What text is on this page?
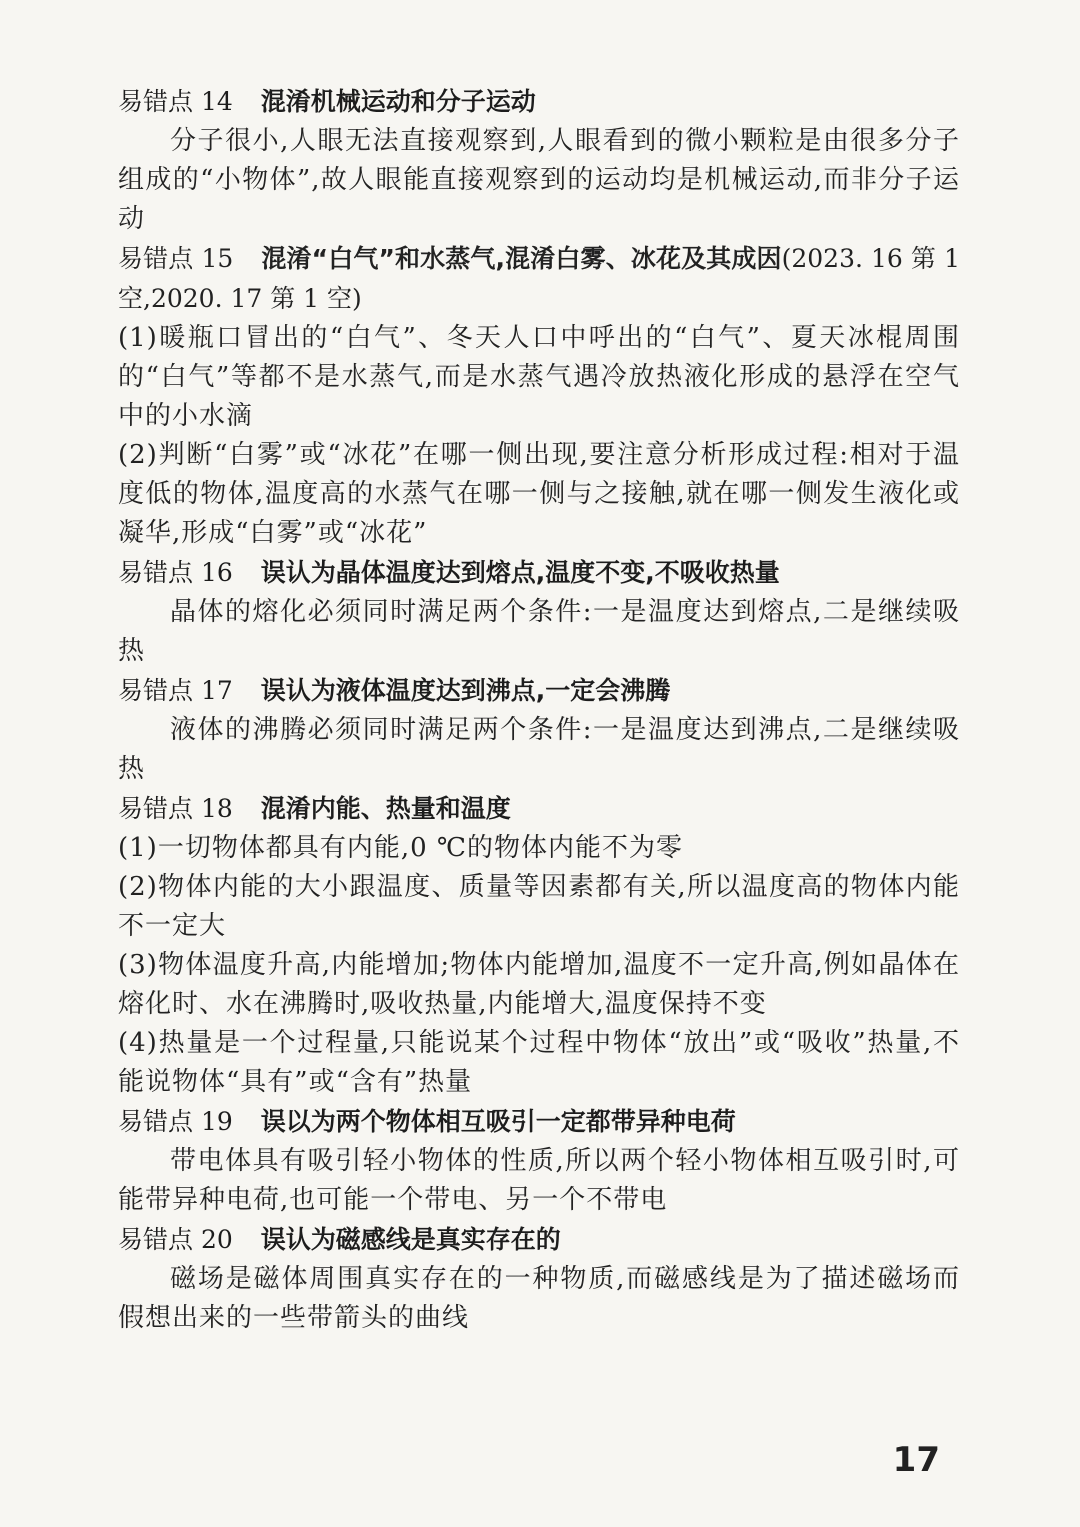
易错点 14 混淆机械运动和分子运动

分子很小,人眼无法直接观察到,人眼看到的微小颗粒是由很多分子组成的“小物体”,故人眼能直接观察到的运动均是机械运动,而非分子运动

易错点 15 混淆“白气”和水蒸气,混淆白雾、冰花及其成因(2023. 16 第 1 空,2020. 17 第 1 空)

(1)暖瓶口冒出的“白气”、冬天人口中呼出的“白气”、夏天冰棍周围的“白气”等都不是水蒸气,而是水蒸气遇冷放热液化形成的悬浮在空气中的小水滴

(2)判断“白雾”或“冰花”在哪一侧出现,要注意分析形成过程:相对于温度低的物体,温度高的水蒸气在哪一侧与之接触,就在哪一侧发生液化或凝华,形成“白雾”或“冰花”

易错点 16 误认为晶体温度达到熔点,温度不变,不吸收热量

晶体的熔化必须同时满足两个条件:一是温度达到熔点,二是继续吸热

易错点 17 误认为液体温度达到沸点,一定会沸腾

液体的沸腾必须同时满足两个条件:一是温度达到沸点,二是继续吸热

易错点 18 混淆内能、热量和温度

(1)一切物体都具有内能,0 ℃的物体内能不为零

(2)物体内能的大小跟温度、质量等因素都有关,所以温度高的物体内能不一定大

(3)物体温度升高,内能增加;物体内能增加,温度不一定升高,例如晶体在熔化时、水在沸腾时,吸收热量,内能增大,温度保持不变

(4)热量是一个过程量,只能说某个过程中物体“放出”或“吸收”热量,不能说物体“具有”或“含有”热量

易错点 19 误以为两个物体相互吸引一定都带异种电荷

带电体具有吸引轻小物体的性质,所以两个轻小物体相互吸引时,可能带异种电荷,也可能一个带电、另一个不带电

易错点 20 误认为磁感线是真实存在的

磁场是磁体周围真实存在的一种物质,而磁感线是为了描述磁场而假想出来的一些带箭头的曲线

17
